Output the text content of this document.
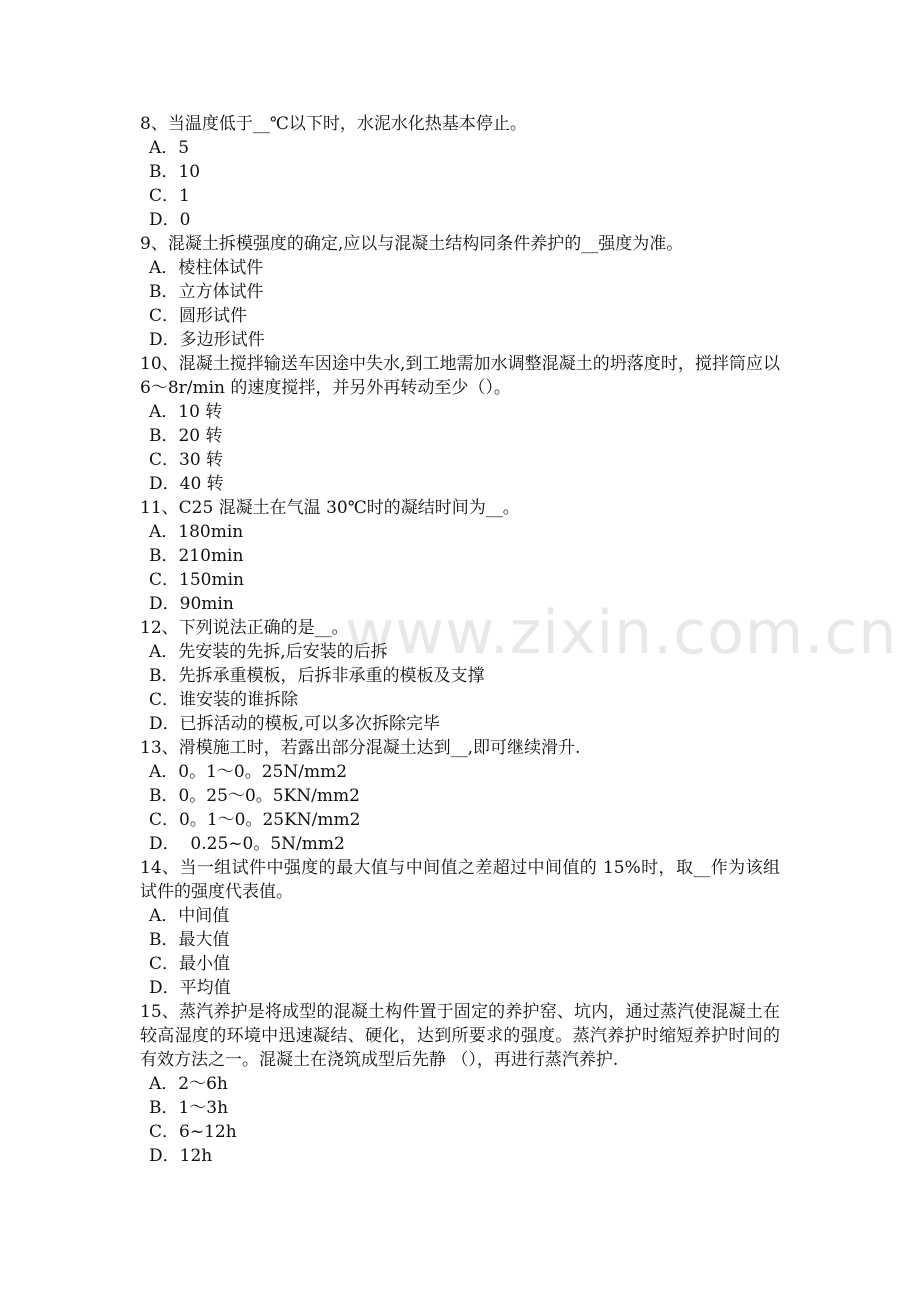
8、当温度低于__℃以下时，水泥水化热基本停止。

A．5
B．10
C．1
D．0

9、混凝土拆模强度的确定,应以与混凝土结构同条件养护的__强度为准。

A．棱柱体试件
B．立方体试件
C．圆形试件
D．多边形试件

10、混凝土搅拌输送车因途中失水,到工地需加水调整混凝土的坍落度时，搅拌筒应以 6～8r/min 的速度搅拌，并另外再转动至少（）。

A．10 转
B．20 转
C．30 转
D．40 转

11、C25 混凝土在气温 30℃时的凝结时间为__。

A．180min
B．210min
C．150min
D．90min

12、下列说法正确的是__。

A．先安装的先拆,后安装的后拆
B．先拆承重模板，后拆非承重的模板及支撑
C．谁安装的谁拆除
D．已拆活动的模板,可以多次拆除完毕

13、滑模施工时，若露出部分混凝土达到__,即可继续滑升.

A．0。1～0。25N/mm2
B．0。25～0。5KN/mm2
C．0。1～0。25KN/mm2
D．  0.25~0。5N/mm2

14、当一组试件中强度的最大值与中间值之差超过中间值的 15%时，取__作为该组试件的强度代表值。

A．中间值
B．最大值
C．最小值
D．平均值

15、蒸汽养护是将成型的混凝土构件置于固定的养护窑、坑内，通过蒸汽使混凝土在较高湿度的环境中迅速凝结、硬化，达到所要求的强度。蒸汽养护时缩短养护时间的有效方法之一。混凝土在浇筑成型后先静 （），再进行蒸汽养护.

A．2～6h
B．1～3h
C．6~12h
D．12h
www.zixin.com.cn
